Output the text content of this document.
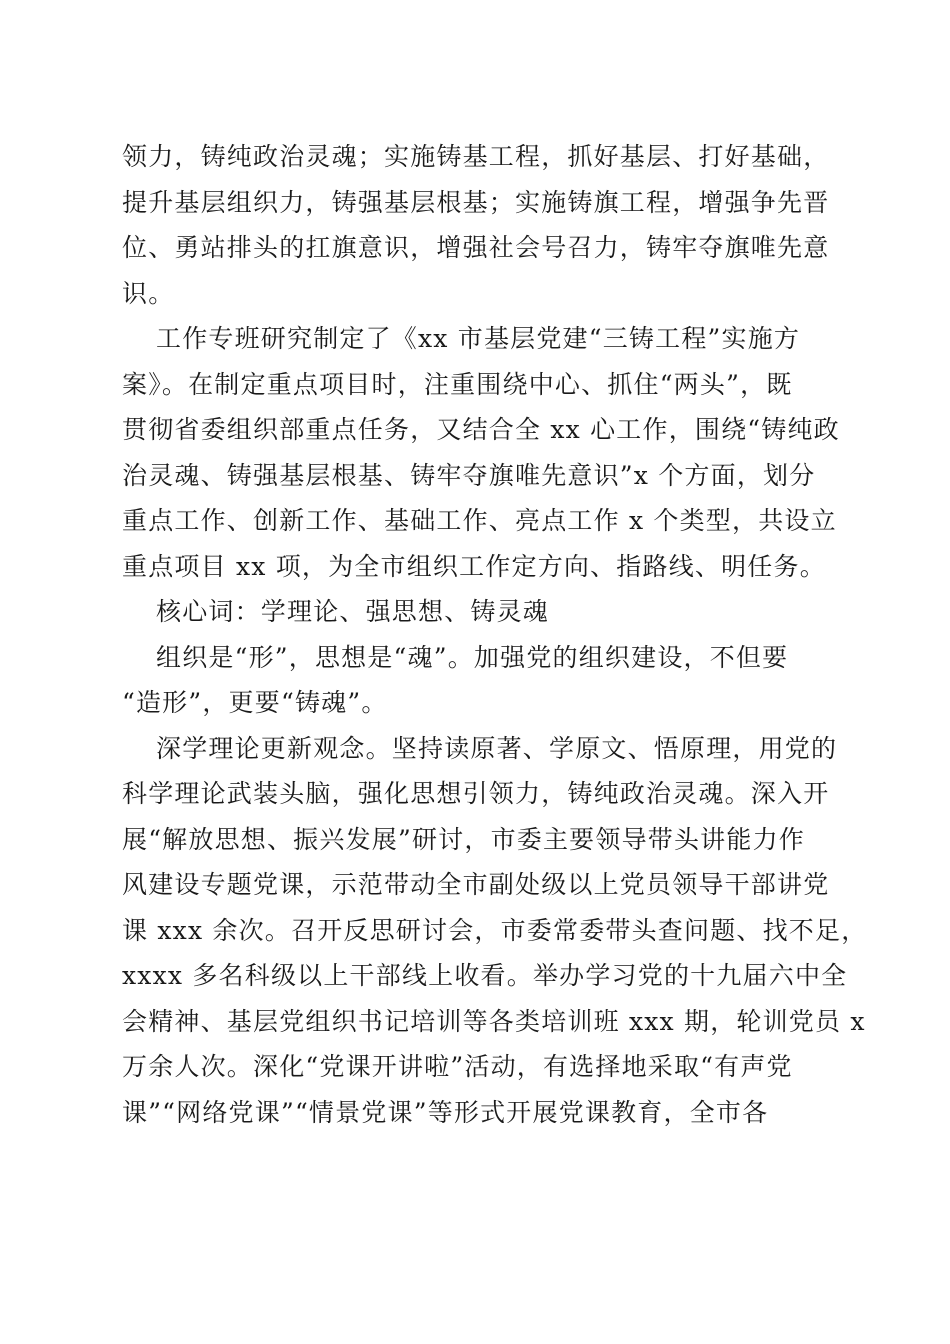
领力，铸纯政治灵魂；实施铸基工程，抓好基层、打好基础，
提升基层组织力，铸强基层根基；实施铸旗工程，增强争先晋
位、勇站排头的扛旗意识，增强社会号召力，铸牢夺旗唯先意
识。
工作专班研究制定了《xx 市基层党建“三铸工程”实施方
案》。在制定重点项目时，注重围绕中心、抓住“两头”，既
贯彻省委组织部重点任务，又结合全 xx 心工作，围绕“铸纯政
治灵魂、铸强基层根基、铸牢夺旗唯先意识”x 个方面，划分
重点工作、创新工作、基础工作、亮点工作 x 个类型，共设立
重点项目 xx 项，为全市组织工作定方向、指路线、明任务。
核心词：学理论、强思想、铸灵魂
组织是“形”，思想是“魂”。加强党的组织建设，不但要
“造形”，更要“铸魂”。
深学理论更新观念。坚持读原著、学原文、悟原理，用党的
科学理论武装头脑，强化思想引领力，铸纯政治灵魂。深入开
展“解放思想、振兴发展”研讨，市委主要领导带头讲能力作
风建设专题党课，示范带动全市副处级以上党员领导干部讲党
课 xxx 余次。召开反思研讨会，市委常委带头查问题、找不足，
xxxx 多名科级以上干部线上收看。举办学习党的十九届六中全
会精神、基层党组织书记培训等各类培训班 xxx 期，轮训党员 x
万余人次。深化“党课开讲啦”活动，有选择地采取“有声党
课”“网络党课”“情景党课”等形式开展党课教育，全市各
